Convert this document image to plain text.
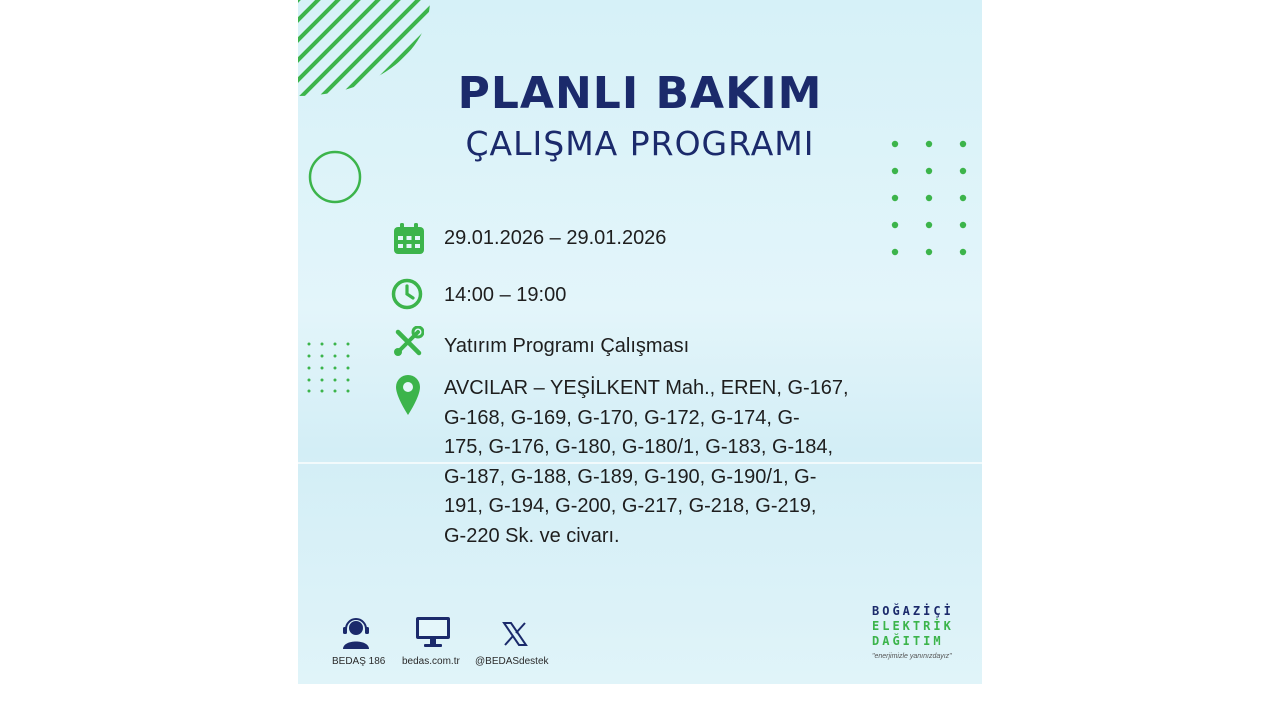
PLANLI BAKIM
ÇALIŞMA PROGRAMI
29.01.2026 – 29.01.2026
14:00 – 19:00
Yatırım Programı Çalışması
AVCILAR – YEŞİLKENT Mah., EREN, G-167,
G-168, G-169, G-170, G-172, G-174, G-
175, G-176, G-180, G-180/1, G-183, G-184,
G-187, G-188, G-189, G-190, G-190/1, G-
191, G-194, G-200, G-217, G-218, G-219,
G-220 Sk. ve civarı.
BEDAŞ 186 bedas.com.tr @BEDASdestek
BOĞAZİÇİ
ELEKTRİK
DAĞITIM
"enerjimizle yanınızdayız"
